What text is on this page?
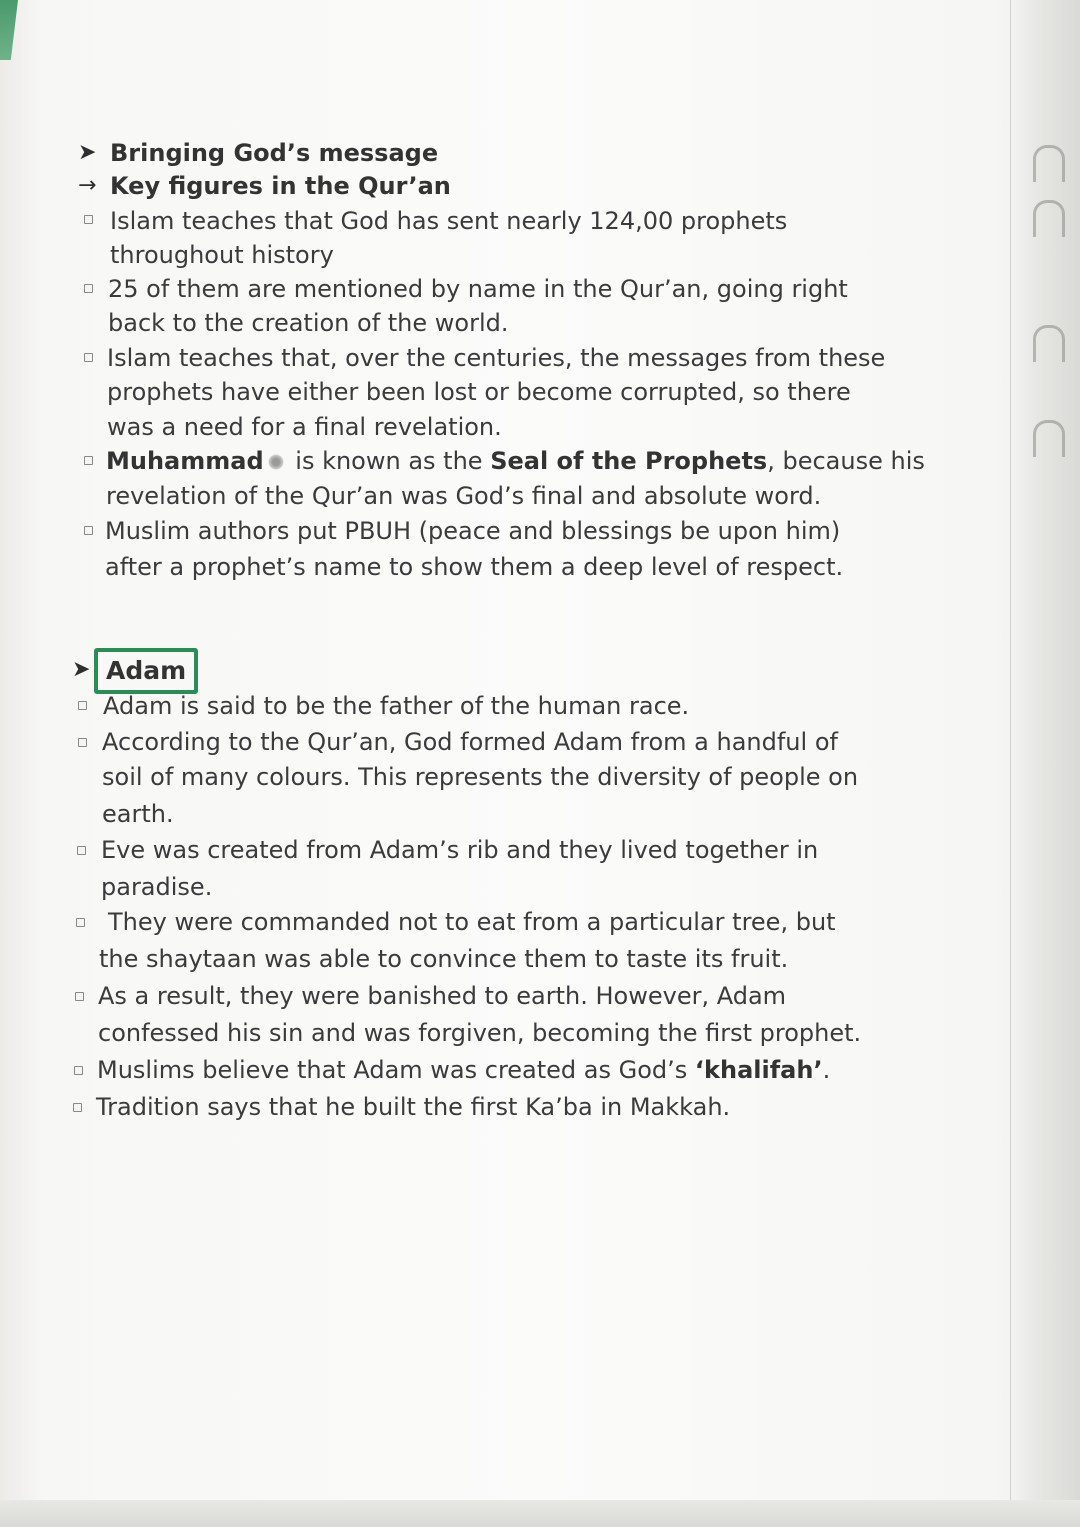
➤ Bringing God’s message
→ Key figures in the Qur’an
Islam teaches that God has sent nearly 124,00 prophets
throughout history
25 of them are mentioned by name in the Qur’an, going right
back to the creation of the world.
Islam teaches that, over the centuries, the messages from these
prophets have either been lost or become corrupted, so there
was a need for a final revelation.
Muhammad is known as the Seal of the Prophets, because his
revelation of the Qur’an was God’s final and absolute word.
Muslim authors put PBUH (peace and blessings be upon him)
after a prophet’s name to show them a deep level of respect.
➤ Adam
Adam is said to be the father of the human race.
According to the Qur’an, God formed Adam from a handful of
soil of many colours. This represents the diversity of people on
earth.
Eve was created from Adam’s rib and they lived together in
paradise.
They were commanded not to eat from a particular tree, but
the shaytaan was able to convince them to taste its fruit.
As a result, they were banished to earth. However, Adam
confessed his sin and was forgiven, becoming the first prophet.
Muslims believe that Adam was created as God’s ‘khalifah’.
Tradition says that he built the first Ka’ba in Makkah.
